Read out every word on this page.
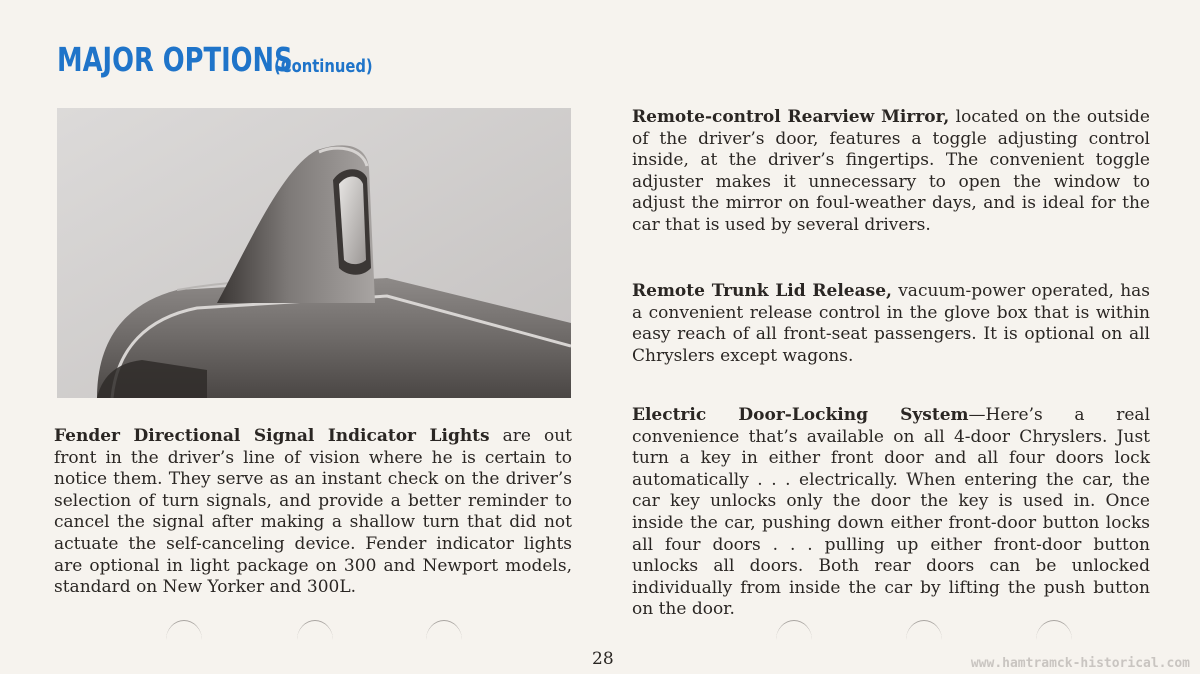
MAJOR OPTIONS
(Continued)

Fender Directional Signal Indicator Lights are out front in the driver’s line of vision where he is certain to notice them. They serve as an instant check on the driver’s selection of turn signals, and provide a better reminder to cancel the signal after making a shallow turn that did not actuate the self-canceling device. Fender indicator lights are optional in light package on 300 and Newport models, standard on New Yorker and 300L.

Remote-control Rearview Mirror, located on the outside of the driver’s door, features a toggle adjusting control inside, at the driver’s fingertips. The convenient toggle adjuster makes it unnecessary to open the window to adjust the mirror on foul-weather days, and is ideal for the car that is used by several drivers.

Remote Trunk Lid Release, vacuum-power operated, has a convenient release control in the glove box that is within easy reach of all front-seat passengers. It is optional on all Chryslers except wagons.

Electric Door-Locking System—Here’s a real convenience that’s available on all 4-door Chryslers. Just turn a key in either front door and all four doors lock automatically . . . electrically. When entering the car, the car key unlocks only the door the key is used in. Once inside the car, pushing down either front-door button locks all four doors . . . pulling up either front-door button unlocks all doors. Both rear doors can be unlocked individually from inside the car by lifting the push button on the door.

28	www.hamtramck-historical.com
